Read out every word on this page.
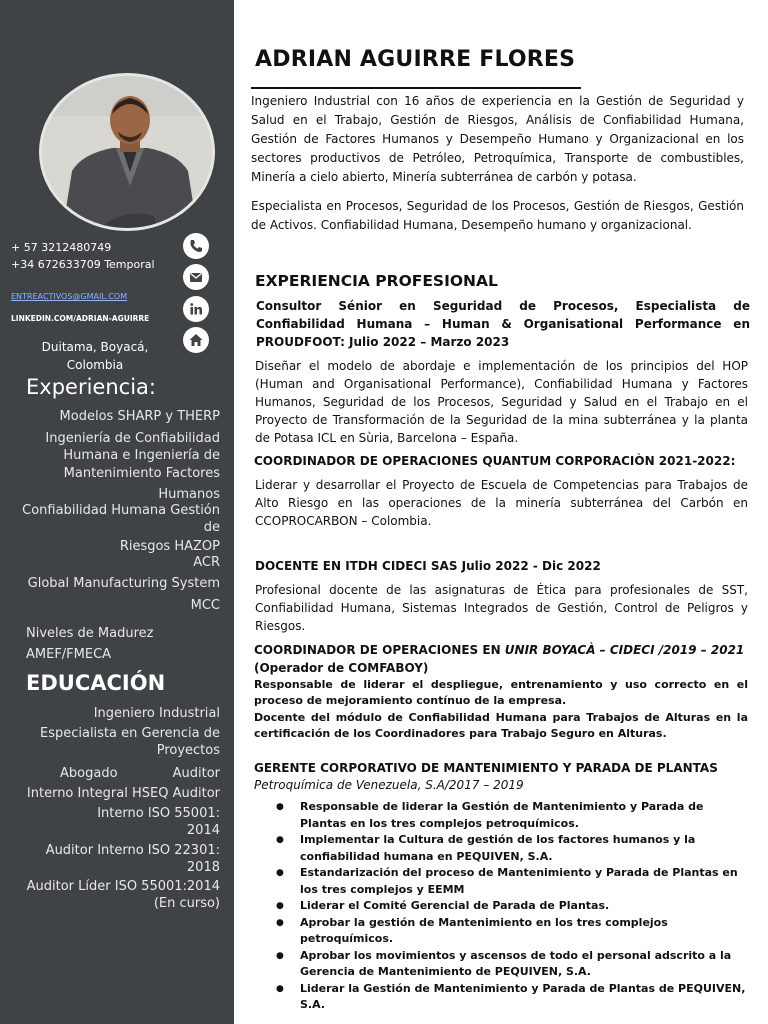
+ 57 3212480749
+34 672633709 Temporal
ENTREACTIVOS@GMAIL.COM
LINKEDIN.COM/ADRIAN-AGUIRRE
Duitama, Boyacá, Colombia
Experiencia:
Modelos SHARP y THERP
Ingeniería de Confiabilidad Humana e Ingeniería de
Mantenimiento Factores
Humanos
Confiabilidad Humana Gestión de
Riesgos HAZOP
ACR
Global Manufacturing System
MCC
Niveles de Madurez
AMEF/FMECA
EDUCACIÓN
Ingeniero Industrial
Especialista en Gerencia de Proyectos
Abogado Auditor
Interno Integral HSEQ Auditor
Interno ISO 55001: 2014
Auditor Interno ISO 22301: 2018
Auditor Líder ISO 55001:2014 (En curso)
ADRIAN AGUIRRE FLORES
Ingeniero Industrial con 16 años de experiencia en la Gestión de Seguridad y Salud en el Trabajo, Gestión de Riesgos, Análisis de Confiabilidad Humana, Gestión de Factores Humanos y Desempeño Humano y Organizacional en los sectores productivos de Petróleo, Petroquímica, Transporte de combustibles, Minería a cielo abierto, Minería subterránea de carbón y potasa.
Especialista en Procesos, Seguridad de los Procesos, Gestión de Riesgos, Gestión de Activos. Confiabilidad Humana, Desempeño humano y organizacional.
EXPERIENCIA PROFESIONAL
Consultor Sénior en Seguridad de Procesos, Especialista de Confiabilidad Humana – Human & Organisational Performance en PROUDFOOT: Julio 2022 – Marzo 2023
Diseñar el modelo de abordaje e implementación de los principios del HOP (Human and Organisational Performance), Confiabilidad Humana y Factores Humanos, Seguridad de los Procesos, Seguridad y Salud en el Trabajo en el Proyecto de Transformación de la Seguridad de la mina subterránea y la planta de Potasa ICL en Sùria, Barcelona – España.
COORDINADOR DE OPERACIONES QUANTUM CORPORACIÒN 2021-2022:
Liderar y desarrollar el Proyecto de Escuela de Competencias para Trabajos de Alto Riesgo en las operaciones de la minería subterránea del Carbón en CCOPROCARBON – Colombia.
DOCENTE EN ITDH CIDECI SAS Julio 2022 - Dic 2022
Profesional docente de las asignaturas de Ética para profesionales de SST, Confiabilidad Humana, Sistemas Integrados de Gestión, Control de Peligros y Riesgos.
COORDINADOR DE OPERACIONES EN UNIR BOYACÀ – CIDECI /2019 – 2021
(Operador de COMFABOY)
Responsable de liderar el despliegue, entrenamiento y uso correcto en el proceso de mejoramiento contínuo de la empresa.
Docente del módulo de Confiabilidad Humana para Trabajos de Alturas en la certificación de los Coordinadores para Trabajo Seguro en Alturas.
GERENTE CORPORATIVO DE MANTENIMIENTO Y PARADA DE PLANTAS
Petroquímica de Venezuela, S.A/2017 – 2019
● Responsable de liderar la Gestión de Mantenimiento y Parada de Plantas en los tres complejos petroquímicos.
● Implementar la Cultura de gestión de los factores humanos y la confiabilidad humana en PEQUIVEN, S.A.
● Estandarización del proceso de Mantenimiento y Parada de Plantas en los tres complejos y EEMM
● Liderar el Comité Gerencial de Parada de Plantas.
● Aprobar la gestión de Mantenimiento en los tres complejos petroquímicos.
● Aprobar los movimientos y ascensos de todo el personal adscrito a la Gerencia de Mantenimiento de PEQUIVEN, S.A.
● Liderar la Gestión de Mantenimiento y Parada de Plantas de PEQUIVEN, S.A.
